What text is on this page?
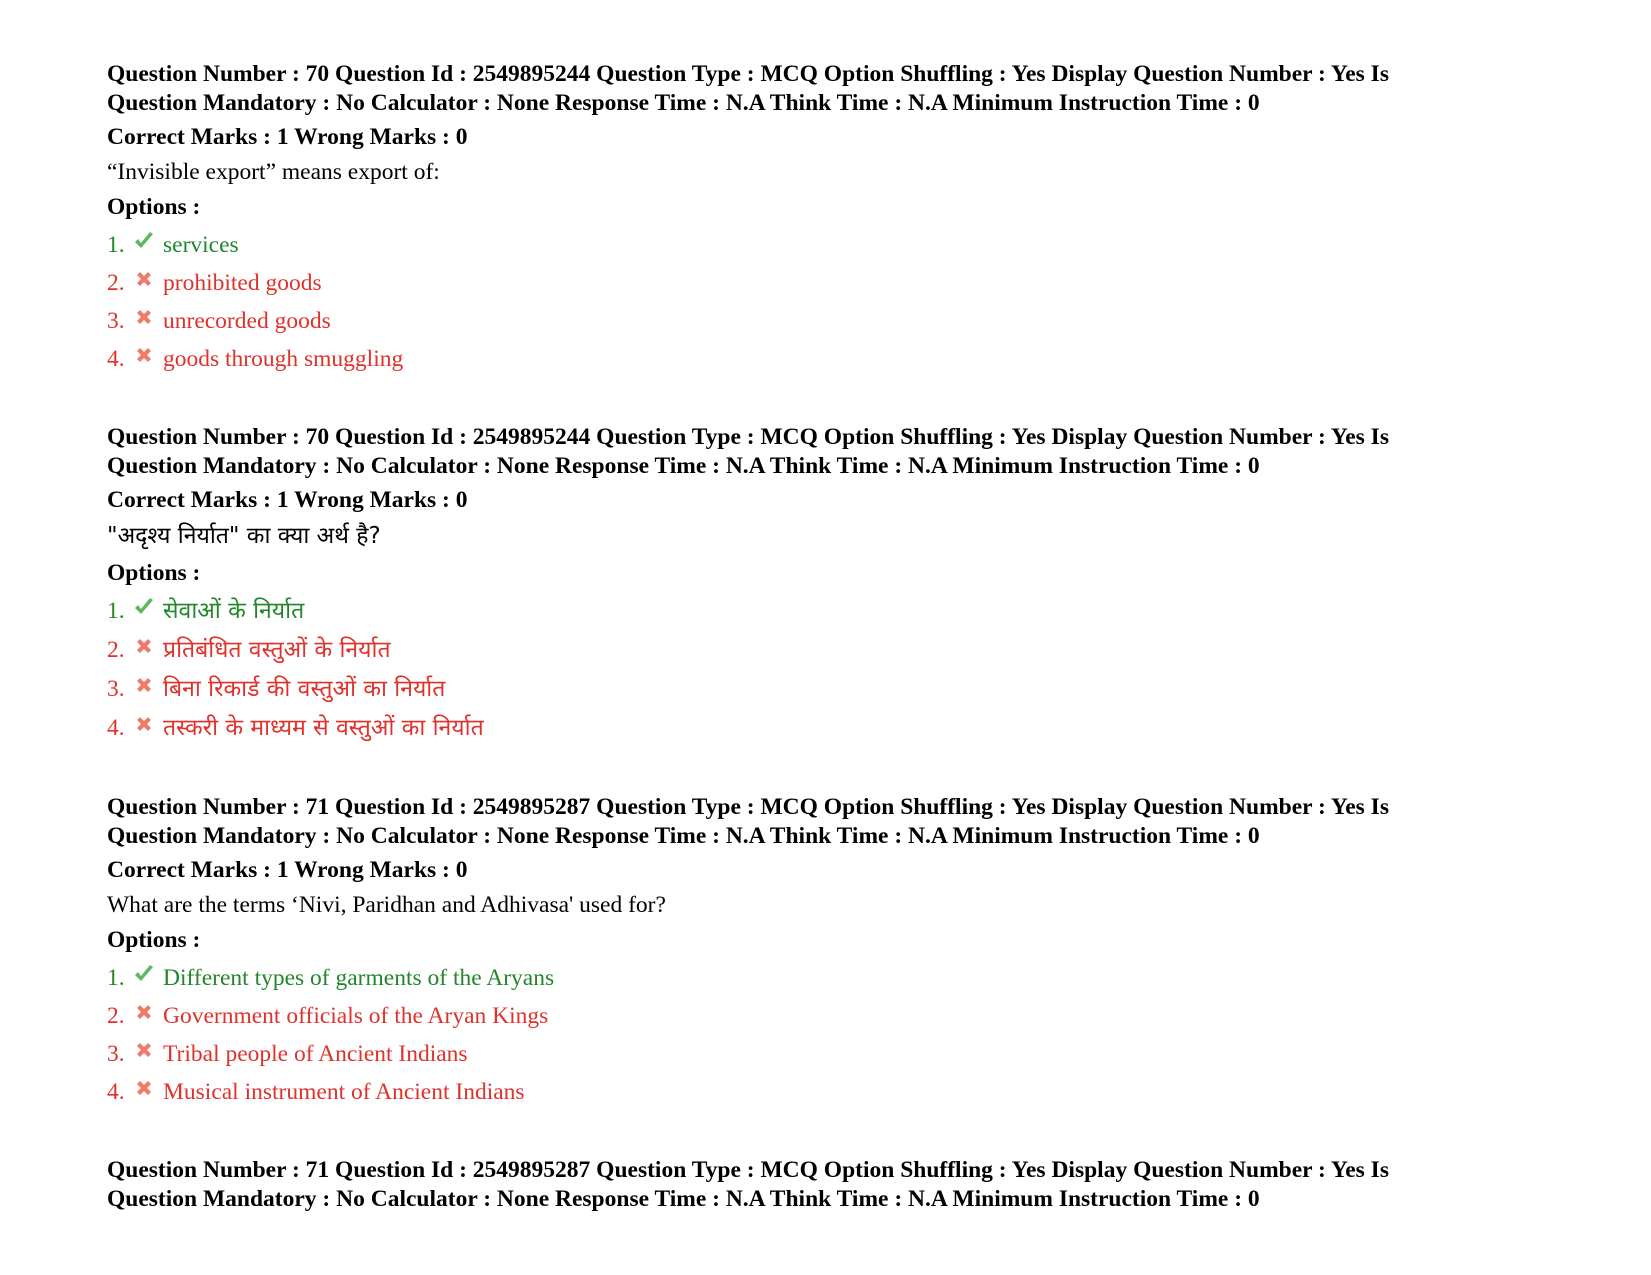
Question Number : 70 Question Id : 2549895244 Question Type : MCQ Option Shuffling : Yes Display Question Number : Yes Is
Question Mandatory : No Calculator : None Response Time : N.A Think Time : N.A Minimum Instruction Time : 0
Correct Marks : 1 Wrong Marks : 0
“Invisible export” means export of:
Options :
1.	services
2.	prohibited goods
3.	unrecorded goods
4.	goods through smuggling
Question Number : 70 Question Id : 2549895244 Question Type : MCQ Option Shuffling : Yes Display Question Number : Yes Is
Question Mandatory : No Calculator : None Response Time : N.A Think Time : N.A Minimum Instruction Time : 0
Correct Marks : 1 Wrong Marks : 0
"अदृश्य निर्यात" का क्या अर्थ है?
Options :
1.	सेवाओं के निर्यात
2.	प्रतिबंधित वस्तुओं के निर्यात
3.	बिना रिकार्ड की वस्तुओं का निर्यात
4.	तस्करी के माध्यम से वस्तुओं का निर्यात
Question Number : 71 Question Id : 2549895287 Question Type : MCQ Option Shuffling : Yes Display Question Number : Yes Is
Question Mandatory : No Calculator : None Response Time : N.A Think Time : N.A Minimum Instruction Time : 0
Correct Marks : 1 Wrong Marks : 0
What are the terms ‘Nivi, Paridhan and Adhivasa' used for?
Options :
1.	Different types of garments of the Aryans
2.	Government officials of the Aryan Kings
3.	Tribal people of Ancient Indians
4.	Musical instrument of Ancient Indians
Question Number : 71 Question Id : 2549895287 Question Type : MCQ Option Shuffling : Yes Display Question Number : Yes Is
Question Mandatory : No Calculator : None Response Time : N.A Think Time : N.A Minimum Instruction Time : 0
